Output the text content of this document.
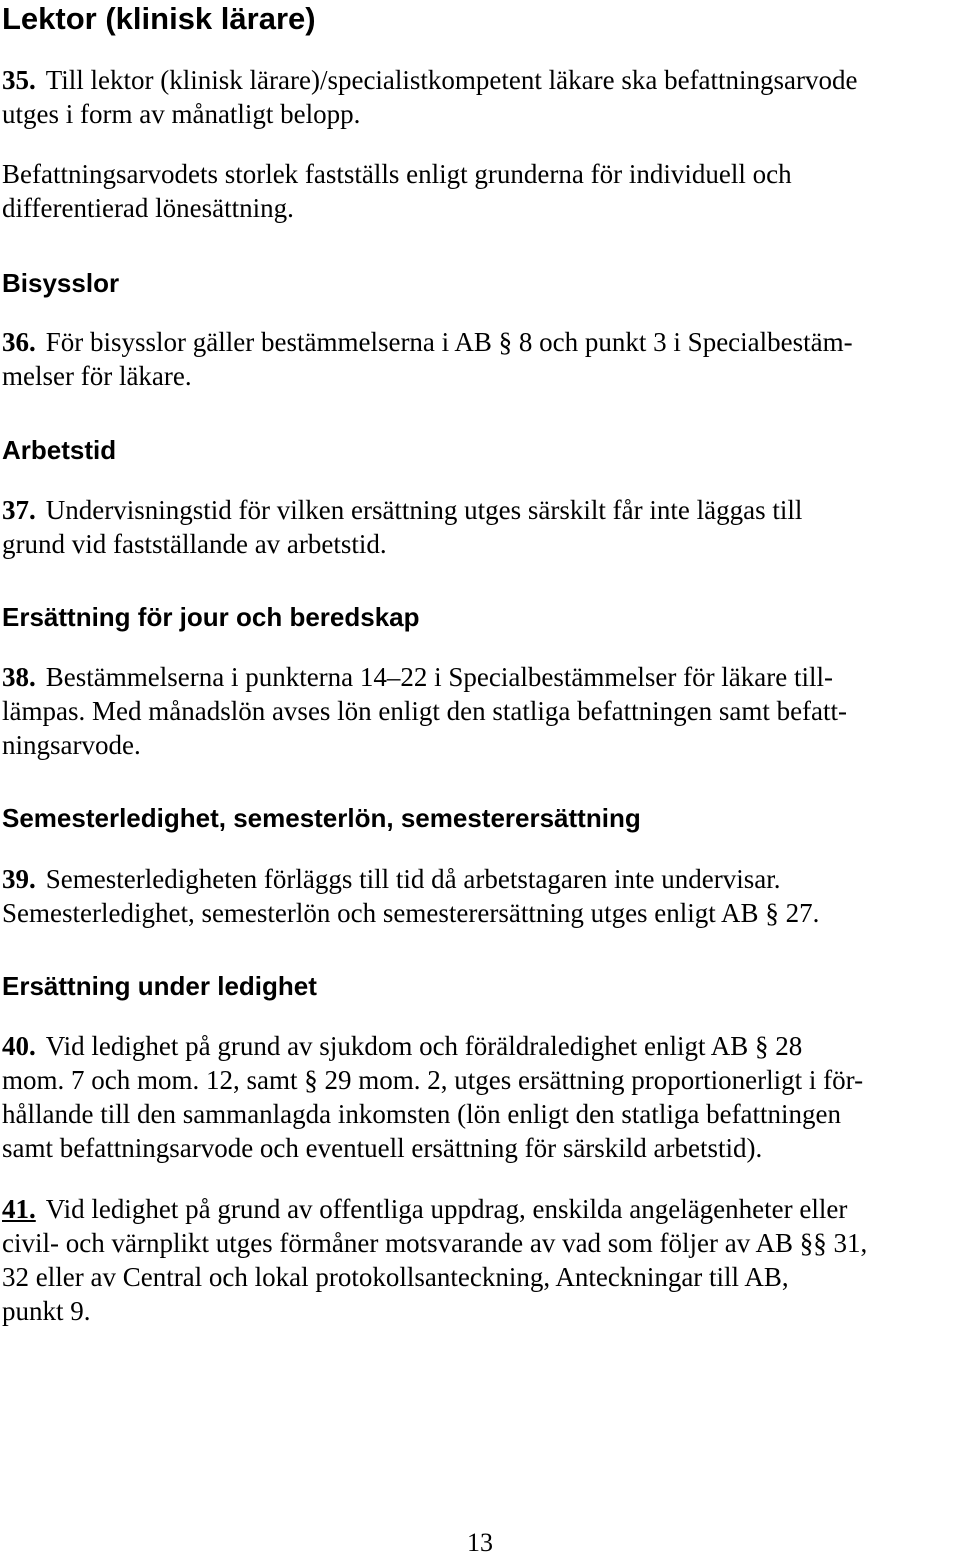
Lektor (klinisk lärare)
35. Till lektor (klinisk lärare)/specialistkompetent läkare ska befattningsarvode
utges i form av månatligt belopp.
Befattningsarvodets storlek fastställs enligt grunderna för individuell och
differentierad lönesättning.
Bisysslor
36. För bisysslor gäller bestämmelserna i AB § 8 och punkt 3 i Specialbestäm-
melser för läkare.
Arbetstid
37. Undervisningstid för vilken ersättning utges särskilt får inte läggas till
grund vid fastställande av arbetstid.
Ersättning för jour och beredskap
38. Bestämmelserna i punkterna 14–22 i Specialbestämmelser för läkare till-
lämpas. Med månadslön avses lön enligt den statliga befattningen samt befatt-
ningsarvode.
Semesterledighet, semesterlön, semesterersättning
39. Semesterledigheten förläggs till tid då arbetstagaren inte undervisar.
Semesterledighet, semesterlön och semesterersättning utges enligt AB § 27.
Ersättning under ledighet
40. Vid ledighet på grund av sjukdom och föräldraledighet enligt AB § 28
mom. 7 och mom. 12, samt § 29 mom. 2, utges ersättning proportionerligt i för-
hållande till den sammanlagda inkomsten (lön enligt den statliga befattningen
samt befattningsarvode och eventuell ersättning för särskild arbetstid).
41. Vid ledighet på grund av offentliga uppdrag, enskilda angelägenheter eller
civil- och värnplikt utges förmåner motsvarande av vad som följer av AB §§ 31,
32 eller av Central och lokal protokollsanteckning, Anteckningar till AB,
punkt 9.
13
